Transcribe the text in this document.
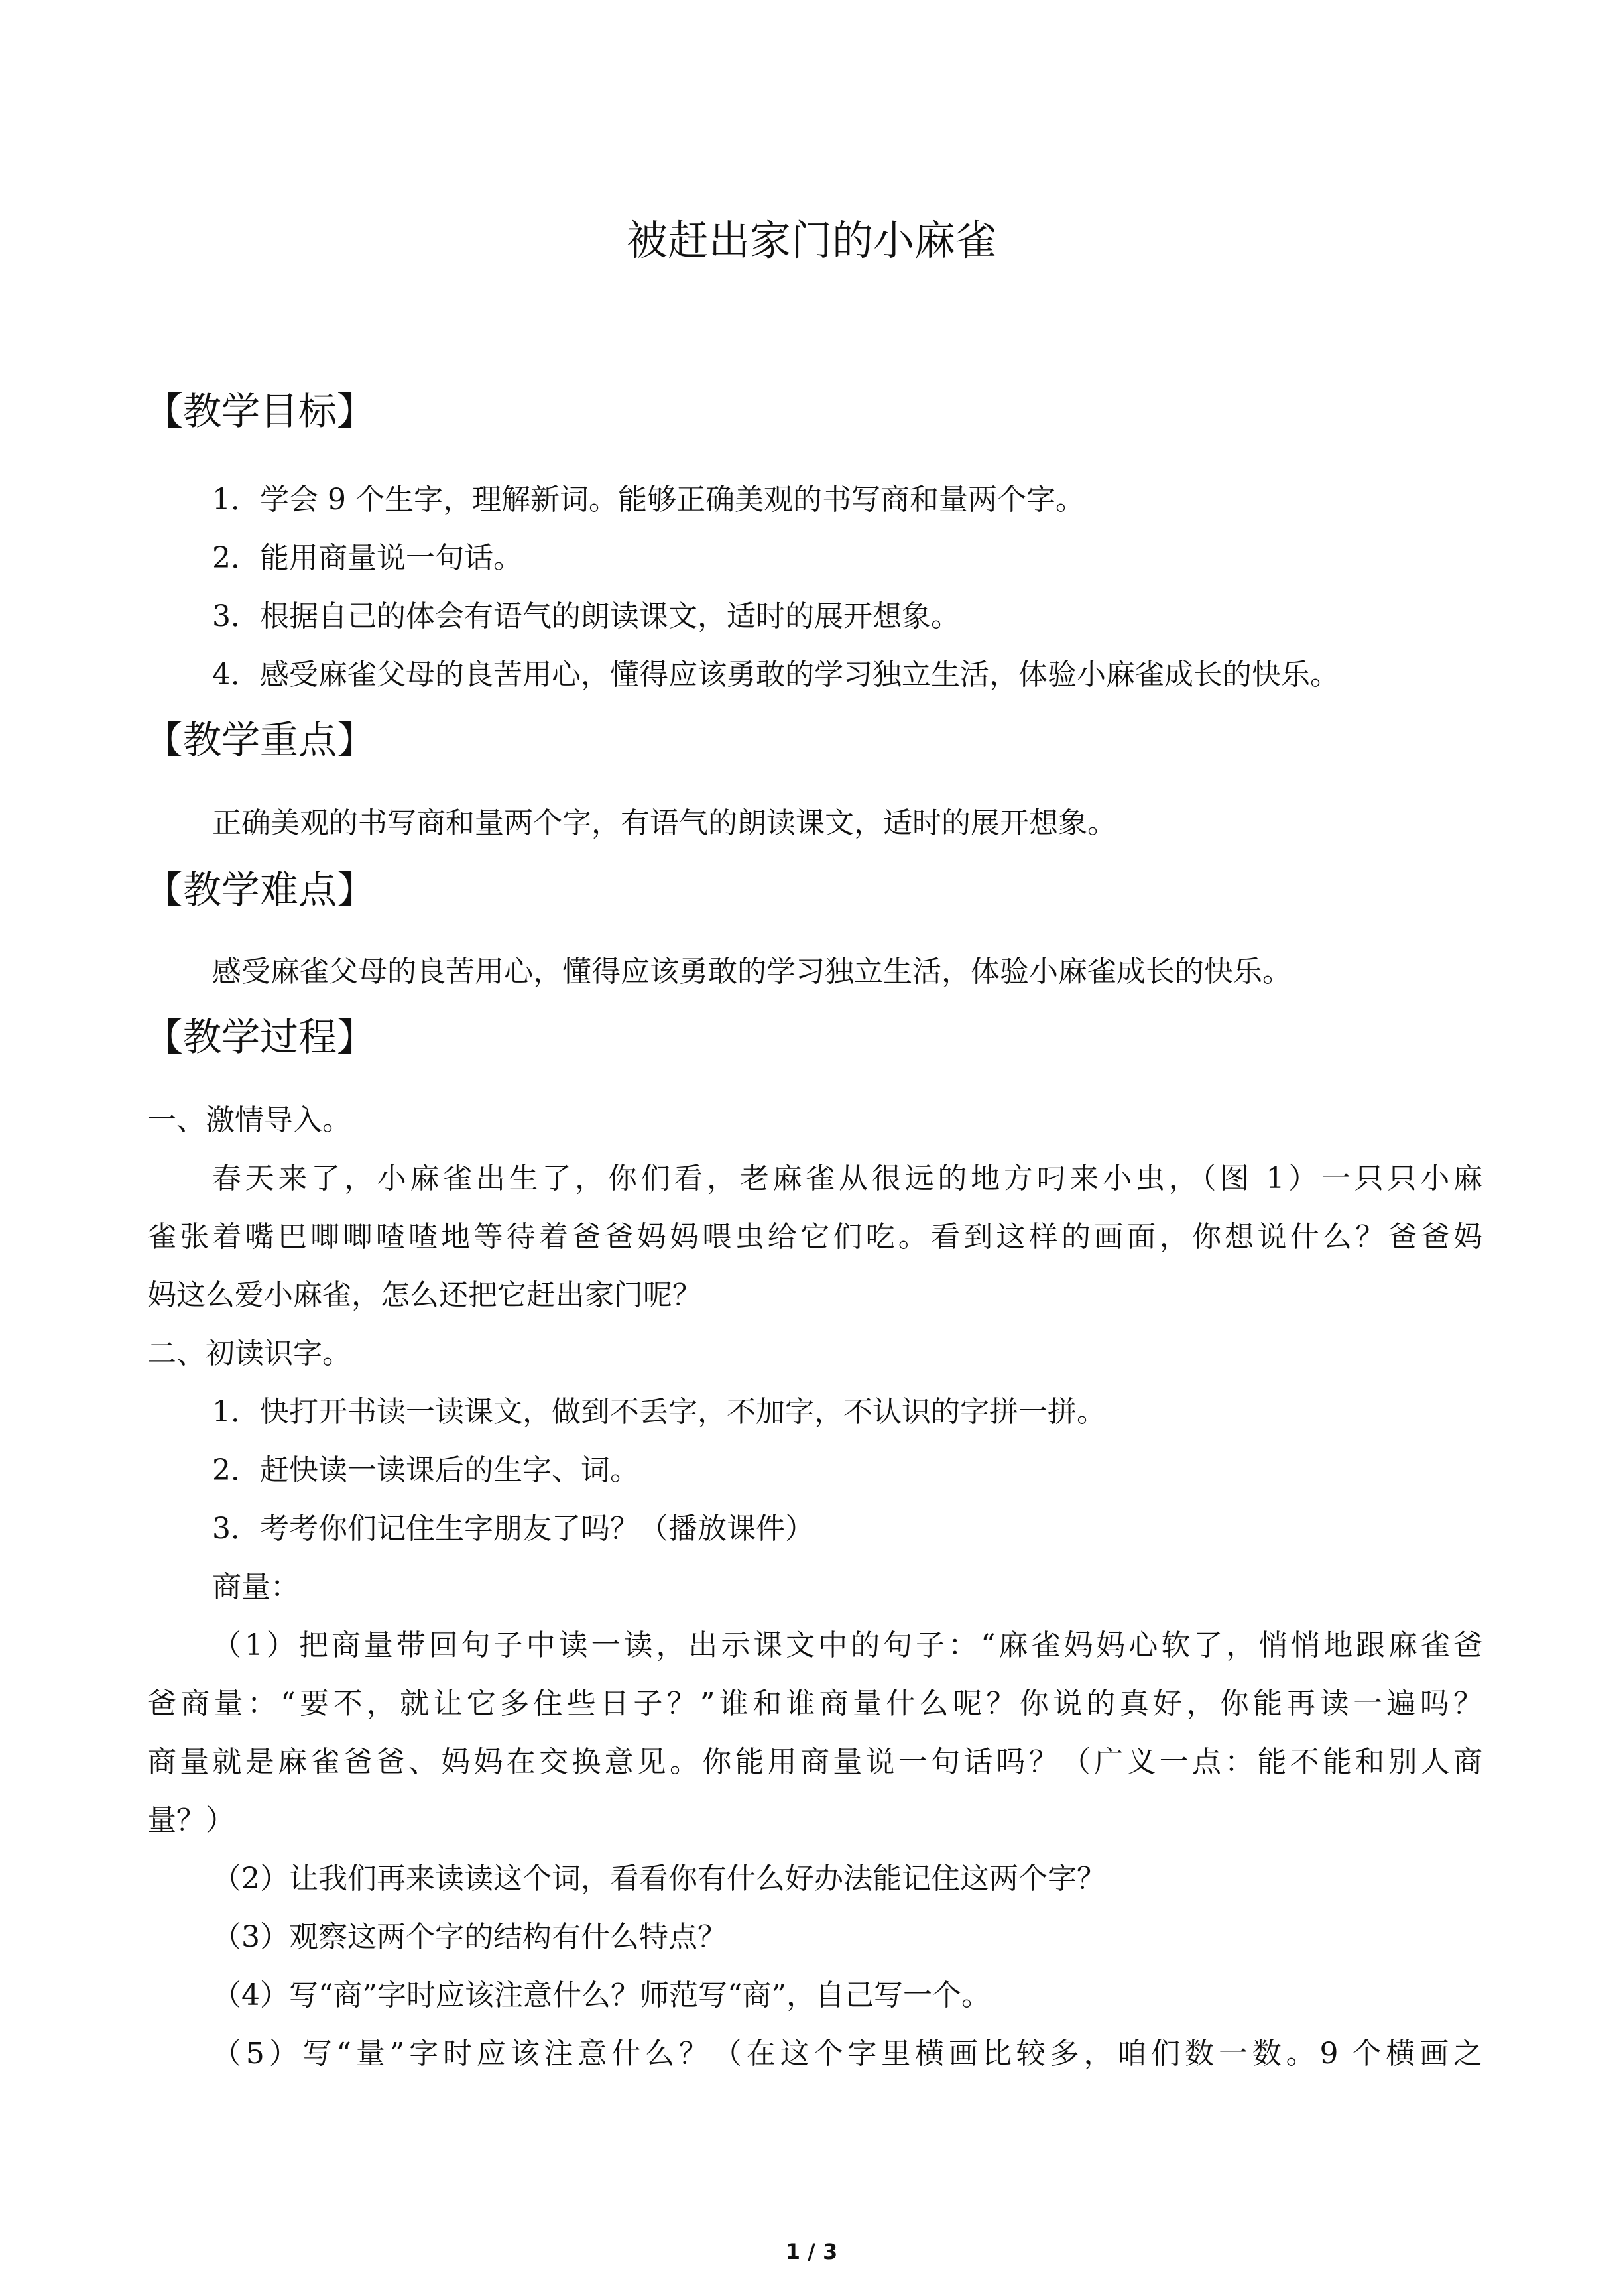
被赶出家门的小麻雀
【教学目标】
1．学会 9 个生字，理解新词。能够正确美观的书写商和量两个字。
2．能用商量说一句话。
3．根据自己的体会有语气的朗读课文，适时的展开想象。
4．感受麻雀父母的良苦用心，懂得应该勇敢的学习独立生活，体验小麻雀成长的快乐。
【教学重点】
正确美观的书写商和量两个字，有语气的朗读课文，适时的展开想象。
【教学难点】
感受麻雀父母的良苦用心，懂得应该勇敢的学习独立生活，体验小麻雀成长的快乐。
【教学过程】
一、激情导入。
春天来了，小麻雀出生了，你们看，老麻雀从很远的地方叼来小虫，（图 1）一只只小麻
雀张着嘴巴唧唧喳喳地等待着爸爸妈妈喂虫给它们吃。看到这样的画面，你想说什么？爸爸妈
妈这么爱小麻雀，怎么还把它赶出家门呢？
二、初读识字。
1．快打开书读一读课文，做到不丢字，不加字，不认识的字拼一拼。
2．赶快读一读课后的生字、词。
3．考考你们记住生字朋友了吗？（播放课件）
商量：
（1）把商量带回句子中读一读，出示课文中的句子：“麻雀妈妈心软了，悄悄地跟麻雀爸
爸商量：“要不，就让它多住些日子？”谁和谁商量什么呢？你说的真好，你能再读一遍吗？
商量就是麻雀爸爸、妈妈在交换意见。你能用商量说一句话吗？（广义一点：能不能和别人商
量？）
（2）让我们再来读读这个词，看看你有什么好办法能记住这两个字？
（3）观察这两个字的结构有什么特点？
（4）写“商”字时应该注意什么？师范写“商”，自己写一个。
（5）写“量”字时应该注意什么？（在这个字里横画比较多，咱们数一数。9 个横画之
1 / 3
